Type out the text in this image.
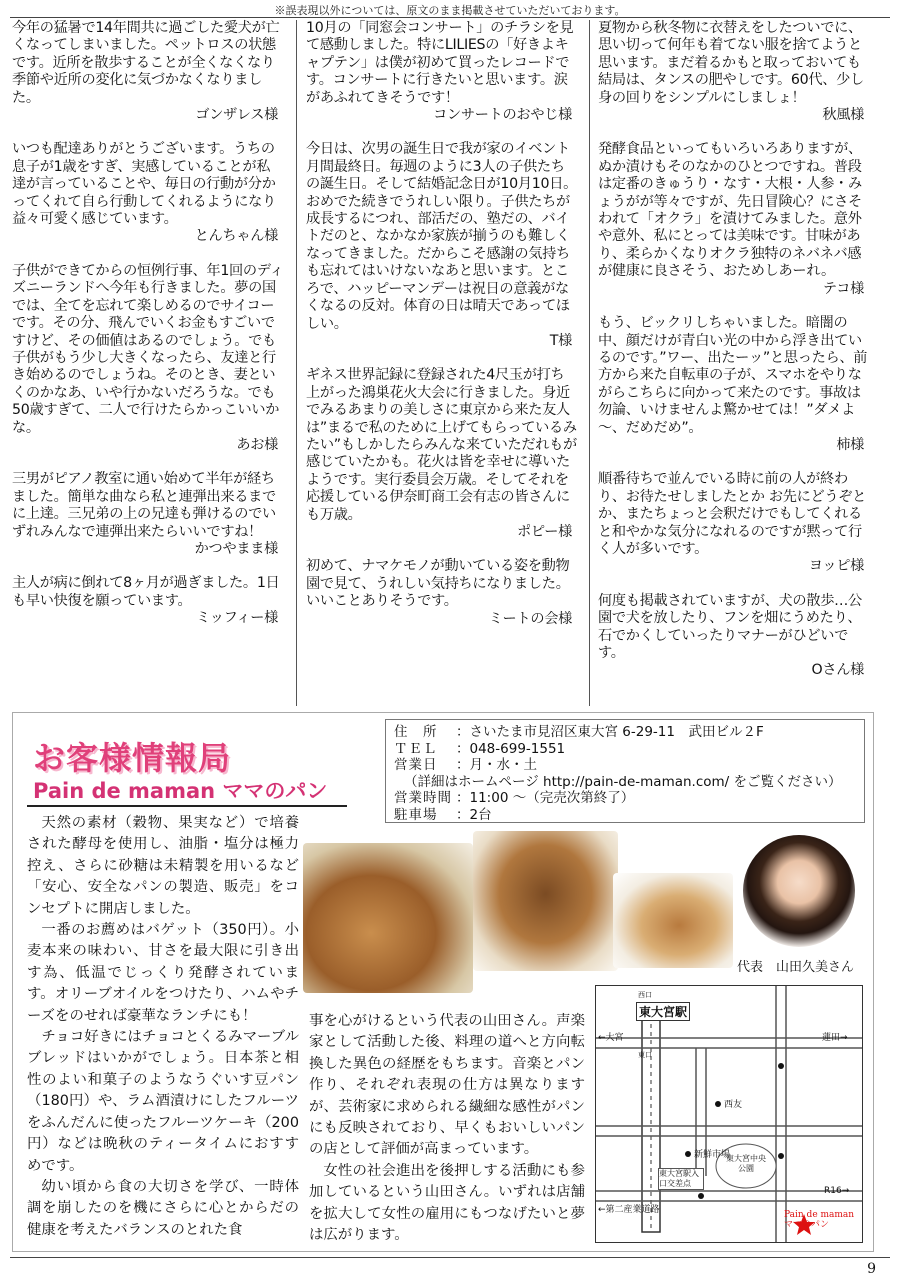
※誤表現以外については、原文のまま掲載させていただいております。
今年の猛暑で14年間共に過ごした愛犬が亡くなってしまいました。ペットロスの状態です。近所を散歩することが全くなくなり季節や近所の変化に気づかなくなりました。
ゴンザレス様
いつも配達ありがとうございます。うちの息子が1歳をすぎ、実感していることが私達が言っていることや、毎日の行動が分かってくれて自ら行動してくれるようになり益々可愛く感じています。
とんちゃん様
子供ができてからの恒例行事、年1回のディズニーランドへ今年も行きました。夢の国では、全てを忘れて楽しめるのでサイコーです。その分、飛んでいくお金もすごいですけど、その価値はあるのでしょう。でも子供がもう少し大きくなったら、友達と行き始めるのでしょうね。そのとき、妻といくのかなあ、いや行かないだろうな。でも50歳すぎて、二人で行けたらかっこいいかな。
あお様
三男がピアノ教室に通い始めて半年が経ちました。簡単な曲なら私と連弾出来るまでに上達。三兄弟の上の兄達も弾けるのでいずれみんなで連弾出来たらいいですね！
かつやまま様
主人が病に倒れて8ヶ月が過ぎました。1日も早い快復を願っています。
ミッフィー様
10月の「同窓会コンサート」のチラシを見て感動しました。特にLILIESの「好きよキャプテン」は僕が初めて買ったレコードです。コンサートに行きたいと思います。涙があふれてきそうです！
コンサートのおやじ様
今日は、次男の誕生日で我が家のイベント月間最終日。毎週のように3人の子供たちの誕生日。そして結婚記念日が10月10日。おめでた続きでうれしい限り。子供たちが成長するにつれ、部活だの、塾だの、バイトだのと、なかなか家族が揃うのも難しくなってきました。だからこそ感謝の気持ちも忘れてはいけないなあと思います。ところで、ハッピーマンデーは祝日の意義がなくなるの反対。体育の日は晴天であってほしい。
T様
ギネス世界記録に登録された4尺玉が打ち上がった鴻巣花火大会に行きました。身近でみるあまりの美しさに東京から来た友人は”まるで私のために上げてもらっているみたい”もしかしたらみんな来ていただれもが感じていたかも。花火は皆を幸せに導いたようです。実行委員会万歳。そしてそれを応援している伊奈町商工会有志の皆さんにも万歳。
ポピー様
初めて、ナマケモノが動いている姿を動物園で見て、うれしい気持ちになりました。いいことありそうです。
ミートの会様
夏物から秋冬物に衣替えをしたついでに、思い切って何年も着てない服を捨てようと思います。まだ着るかもと取っておいても結局は、タンスの肥やしです。60代、少し身の回りをシンプルにしましょ！
秋風様
発酵食品といってもいろいろありますが、ぬか漬けもそのなかのひとつですね。普段は定番のきゅうり・なす・大根・人参・みょうがが等々ですが、先日冒険心？にさそわれて「オクラ」を漬けてみました。意外や意外、私にとっては美味です。甘味があり、柔らかくなりオクラ独特のネバネバ感が健康に良さそう、おためしあーれ。
テコ様
もう、ビックリしちゃいました。暗闇の中、顔だけが青白い光の中から浮き出ているのです。”ワー、出たーッ”と思ったら、前方から来た自転車の子が、スマホをやりながらこちらに向かって来たのです。事故は勿論、いけませんよ驚かせては！”ダメよ～、だめだめ”。
柿様
順番待ちで並んでいる時に前の人が終わり、お待たせしましたとか お先にどうぞとか、またちょっと会釈だけでもしてくれると和やかな気分になれるのですが黙って行く人が多いです。
ヨッピ様
何度も掲載されていますが、犬の散歩…公園で犬を放したり、フンを畑にうめたり、石でかくしていったりマナーがひどいです。
Oさん様
お客様情報局
Pain de maman ママのパン
住　所	：さいたま市見沼区東大宮 6-29-11　武田ビル２F
ＴＥＬ	：048-699-1551
営業日	：月・水・土
（詳細はホームページ http://pain-de-maman.com/ をご覧ください）
営業時間 ：11:00 ～（完売次第終了）
駐車場	：2台

天然の素材（穀物、果実など）で培養された酵母を使用し、油脂・塩分は極力控え、さらに砂糖は未精製を用いるなど「安心、安全なパンの製造、販売」をコンセプトに開店しました。

一番のお薦めはバゲット（350円）。小麦本来の味わい、甘さを最大限に引き出す為、低温でじっくり発酵されています。オリーブオイルをつけたり、ハムやチーズをのせれば豪華なランチにも！

チョコ好きにはチョコとくるみマーブルブレッドはいかがでしょう。日本茶と相性のよい和菓子のようなうぐいす豆パン（180円）や、ラム酒漬けにしたフルーツをふんだんに使ったフルーツケーキ（200円）などは晩秋のティータイムにおすすめです。

幼い頃から食の大切さを学び、一時体調を崩したのを機にさらに心とからだの健康を考えたバランスのとれた食

代表　山田久美さん

事を心がけるという代表の山田さん。声楽家として活動した後、料理の道へと方向転換した異色の経歴をもちます。音楽とパン作り、それぞれ表現の仕方は異なりますが、芸術家に求められる繊細な感性がパンにも反映されており、早くもおいしいパンの店として評価が高まっています。

女性の社会進出を後押しする活動にも参加しているという山田さん。いずれは店舗を拡大して女性の雇用にもつなげたいと夢は広がります。

東大宮駅
西口
東口
←大宮	蓮田→
西友
新鮮市場
東大宮中央公園
東大宮駅入口交差点
←第二産業道路
R16→
Pain de maman ママのパン
9
